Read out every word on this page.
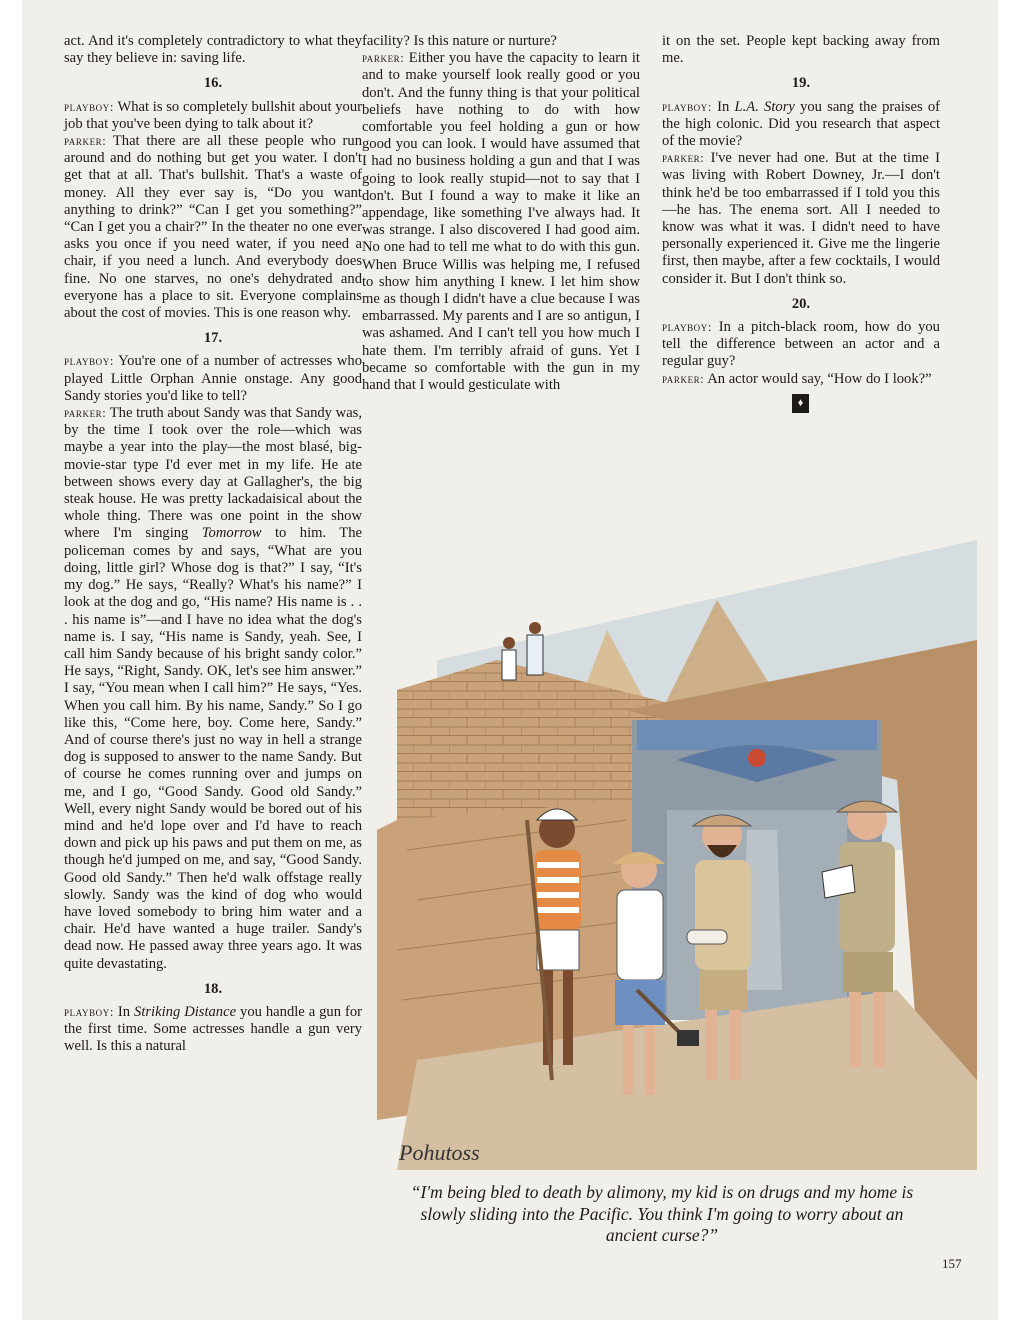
act. And it's completely contradictory to what they say they believe in: saving life.

16.

playboy: What is so completely bullshit about your job that you've been dying to talk about it?

parker: That there are all these people who run around and do nothing but get you water. I don't get that at all. That's bullshit. That's a waste of money. All they ever say is, “Do you want anything to drink?” “Can I get you something?” “Can I get you a chair?” In the theater no one ever asks you once if you need water, if you need a chair, if you need a lunch. And everybody does fine. No one starves, no one's dehydrated and everyone has a place to sit. Everyone complains about the cost of movies. This is one reason why.

17.

playboy: You're one of a number of actresses who played Little Orphan Annie onstage. Any good Sandy stories you'd like to tell?

parker: The truth about Sandy was that Sandy was, by the time I took over the role—which was maybe a year into the play—the most blasé, big-movie-star type I'd ever met in my life. He ate between shows every day at Gallagher's, the big steak house. He was pretty lackadaisical about the whole thing. There was one point in the show where I'm singing Tomorrow to him. The policeman comes by and says, “What are you doing, little girl? Whose dog is that?” I say, “It's my dog.” He says, “Really? What's his name?” I look at the dog and go, “His name? His name is . . . his name is”—and I have no idea what the dog's name is. I say, “His name is Sandy, yeah. See, I call him Sandy because of his bright sandy color.” He says, “Right, Sandy. OK, let's see him answer.” I say, “You mean when I call him?” He says, “Yes. When you call him. By his name, Sandy.” So I go like this, “Come here, boy. Come here, Sandy.” And of course there's just no way in hell a strange dog is supposed to answer to the name Sandy. But of course he comes running over and jumps on me, and I go, “Good Sandy. Good old Sandy.” Well, every night Sandy would be bored out of his mind and he'd lope over and I'd have to reach down and pick up his paws and put them on me, as though he'd jumped on me, and say, “Good Sandy. Good old Sandy.” Then he'd walk offstage really slowly. Sandy was the kind of dog who would have loved somebody to bring him water and a chair. He'd have wanted a huge trailer. Sandy's dead now. He passed away three years ago. It was quite devastating.

18.

playboy: In Striking Distance you handle a gun for the first time. Some actresses handle a gun very well. Is this a natural

facility? Is this nature or nurture?

parker: Either you have the capacity to learn it and to make yourself look really good or you don't. And the funny thing is that your political beliefs have nothing to do with how comfortable you feel holding a gun or how good you can look. I would have assumed that I had no business holding a gun and that I was going to look really stupid—not to say that I don't. But I found a way to make it like an appendage, like something I've always had. It was strange. I also discovered I had good aim. No one had to tell me what to do with this gun. When Bruce Willis was helping me, I refused to show him anything I knew. I let him show me as though I didn't have a clue because I was embarrassed. My parents and I are so antigun, I was ashamed. And I can't tell you how much I hate them. I'm terribly afraid of guns. Yet I became so comfortable with the gun in my hand that I would gesticulate with

it on the set. People kept backing away from me.

19.

playboy: In L.A. Story you sang the praises of the high colonic. Did you research that aspect of the movie?

parker: I've never had one. But at the time I was living with Robert Downey, Jr.—I don't think he'd be too embarrassed if I told you this—he has. The enema sort. All I needed to know was what it was. I didn't need to have personally experienced it. Give me the lingerie first, then maybe, after a few cocktails, I would consider it. But I don't think so.

20.

playboy: In a pitch-black room, how do you tell the difference between an actor and a regular guy?

parker: An actor would say, “How do I look?”

♦
Pohutoss
“I'm being bled to death by alimony, my kid is on drugs and my home is slowly sliding into the Pacific. You think I'm going to worry about an ancient curse?”
157
